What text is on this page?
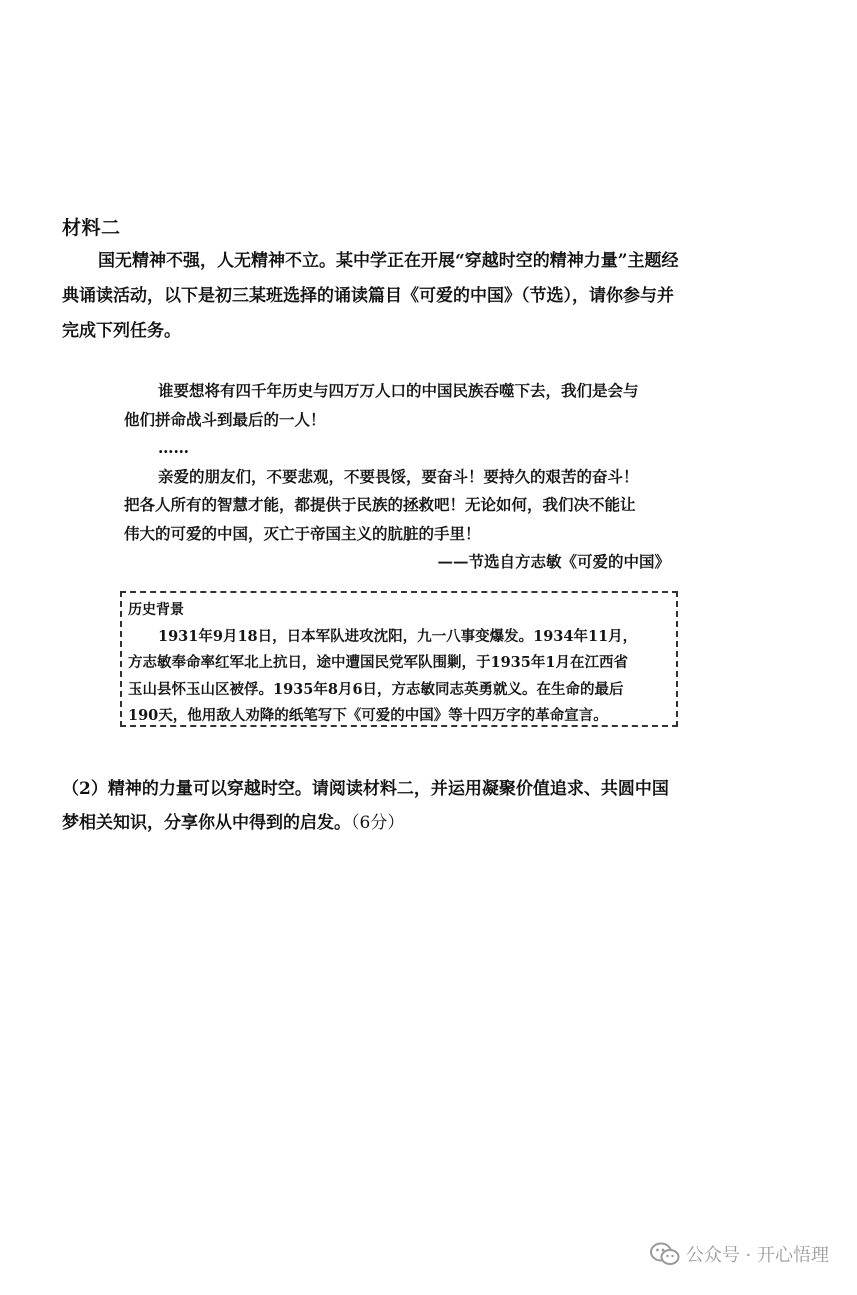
材料二
国无精神不强，人无精神不立。某中学正在开展“穿越时空的精神力量”主题经
典诵读活动，以下是初三某班选择的诵读篇目《可爱的中国》（节选），请你参与并
完成下列任务。
谁要想将有四千年历史与四万万人口的中国民族吞噬下去，我们是会与
他们拼命战斗到最后的一人！
……
亲爱的朋友们，不要悲观，不要畏馁，要奋斗！要持久的艰苦的奋斗！
把各人所有的智慧才能，都提供于民族的拯救吧！无论如何，我们决不能让
伟大的可爱的中国，灭亡于帝国主义的肮脏的手里！
——节选自方志敏《可爱的中国》
历史背景
1931年9月18日，日本军队进攻沈阳，九一八事变爆发。1934年11月，
方志敏奉命率红军北上抗日，途中遭国民党军队围剿，于1935年1月在江西省
玉山县怀玉山区被俘。1935年8月6日，方志敏同志英勇就义。在生命的最后
190天，他用敌人劝降的纸笔写下《可爱的中国》等十四万字的革命宣言。
（2）精神的力量可以穿越时空。请阅读材料二，并运用凝聚价值追求、共圆中国
梦相关知识，分享你从中得到的启发。（6分）
公众号 · 开心悟理
